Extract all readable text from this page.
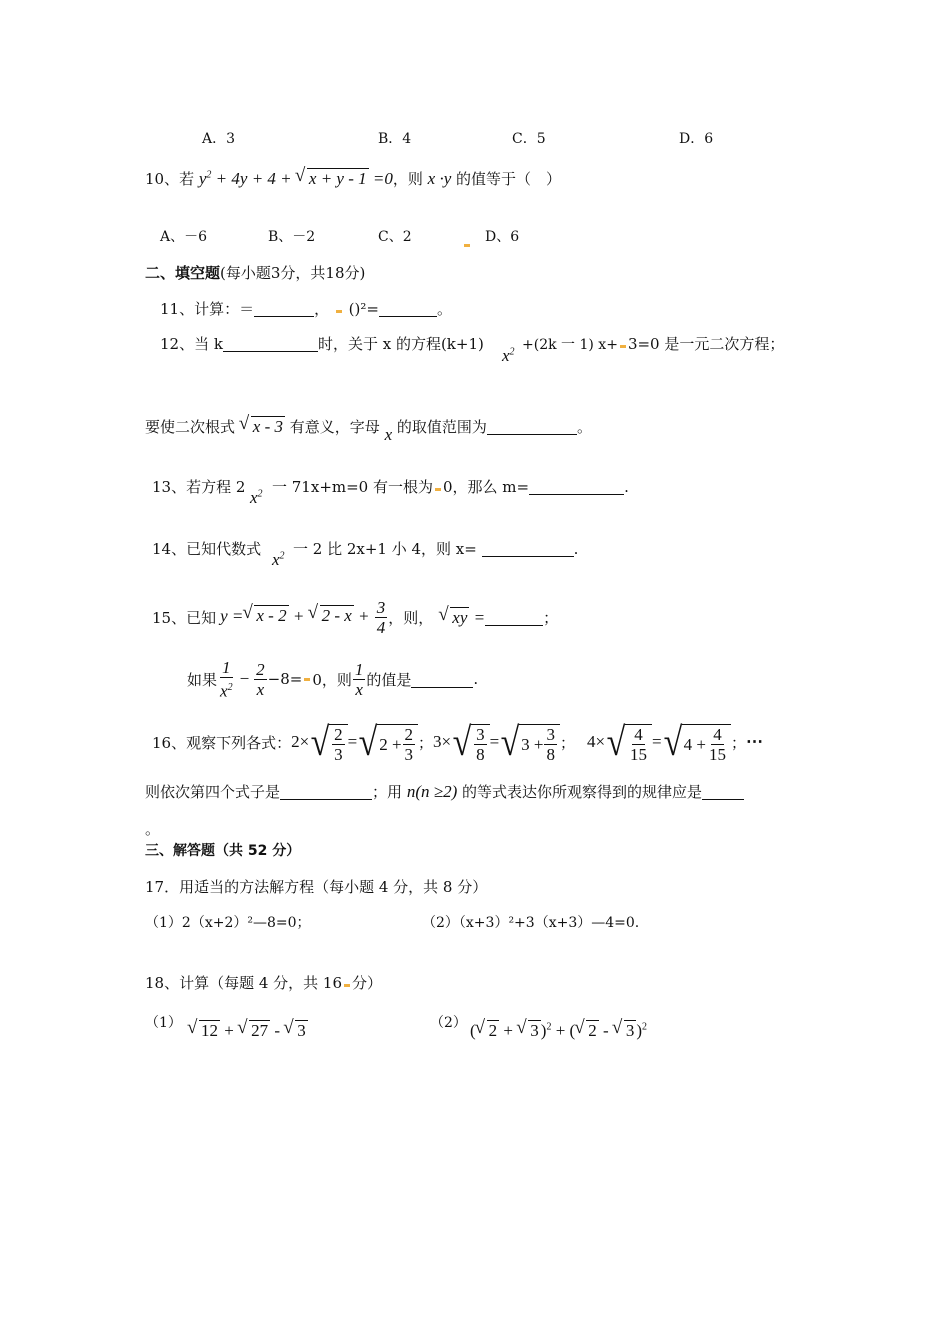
A．3	B．4	C．5	D．6
10、若 $y^2 + 4y + 4$ + √ x + y - 1 =0，则 x ·y 的值等于（　）
A、－6	B、－2	C、2	D、6
二、填空题(每小题3分，共18分)
11、计算：＝	， ()²=	。
12、当 k	时，关于 x 的方程(k+1)
$x^2 +(2k$ 一 1) x+ 3=0 是一元二次方程；
要使二次根式 √ x - 3 有意义，字母 x 的取值范围为	。
13、若方程 2
$x^2$ 一 71x+m=0 有一根为 0，那么 m=	.
14、已知代数式
$x^2$ 一 2 比 2x+1 小 4，则 x=	.
15、已知 y = √ x - 2 + √ $2 - x + \frac{3}{4}$ ，则，	√ xy =	；
如果 $\frac{1}{x^2} - \frac{2}{x} -8= 0$，则 $\frac{1}{x}$ 的值是	.
16、观察下列各式： 2× √ $\frac{2}{3}$ = √ $2 + \frac{2}{3}$ ； 3× √ $\frac{3}{8}$ = √ $3 + \frac{3}{8}$ ； 4× √ $\frac{4}{15}$ = √ $4 + \frac{4}{15}$ ； ⋯
则依次第四个式子是	；用 n(n ≥2) 的等式表达你所观察得到的规律应是
。
三、解答题（共 52 分）
17．用适当的方法解方程（每小题 4 分，共 8 分）
（1）2（x+2）²—8=0；	（2）（x+3）²+3（x+3）—4=0.
18、计算（每题 4 分，共 16 分）
（1）	√ 12 + √ 27 - √ 3	（2） ( √ 2 + √ 3 )$^2$ + ( √ 2 - √ 3 )$^2$
